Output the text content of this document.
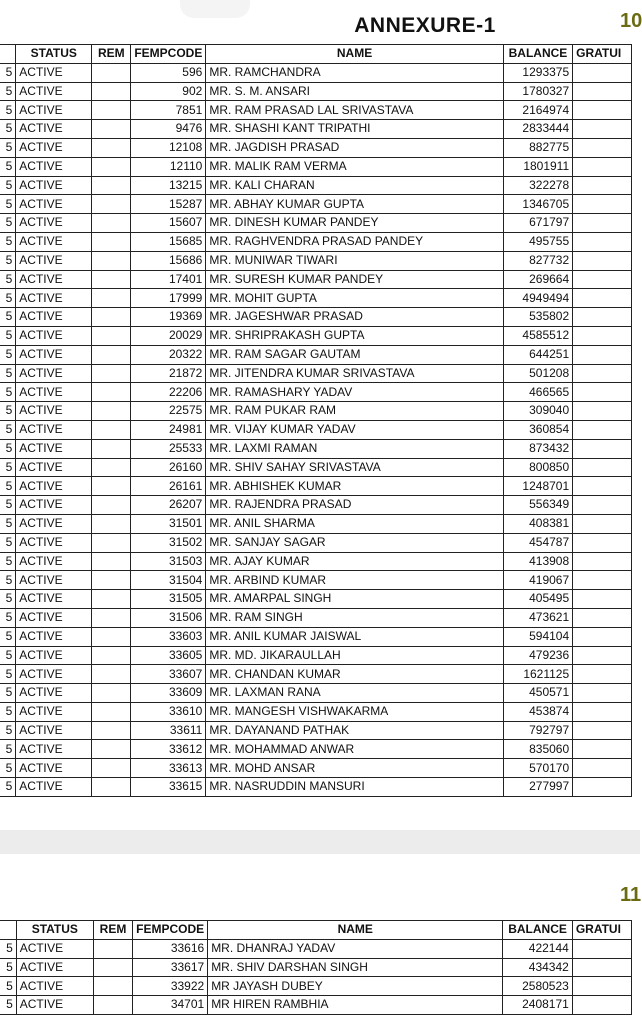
ANNEXURE-1	10
	STATUS	REM	FEMPCODE	NAME	BALANCE	GRATUI
5	ACTIVE		596	MR. RAMCHANDRA	1293375	
5	ACTIVE		902	MR. S. M. ANSARI	1780327	
5	ACTIVE		7851	MR. RAM PRASAD LAL SRIVASTAVA	2164974	
5	ACTIVE		9476	MR. SHASHI KANT TRIPATHI	2833444	
5	ACTIVE		12108	MR. JAGDISH PRASAD	882775	
5	ACTIVE		12110	MR. MALIK RAM VERMA	1801911	
5	ACTIVE		13215	MR. KALI CHARAN	322278	
5	ACTIVE		15287	MR. ABHAY KUMAR GUPTA	1346705	
5	ACTIVE		15607	MR. DINESH KUMAR PANDEY	671797	
5	ACTIVE		15685	MR. RAGHVENDRA PRASAD PANDEY	495755	
5	ACTIVE		15686	MR. MUNIWAR TIWARI	827732	
5	ACTIVE		17401	MR. SURESH KUMAR PANDEY	269664	
5	ACTIVE		17999	MR. MOHIT GUPTA	4949494	
5	ACTIVE		19369	MR. JAGESHWAR PRASAD	535802	
5	ACTIVE		20029	MR. SHRIPRAKASH GUPTA	4585512	
5	ACTIVE		20322	MR. RAM SAGAR GAUTAM	644251	
5	ACTIVE		21872	MR. JITENDRA KUMAR SRIVASTAVA	501208	
5	ACTIVE		22206	MR. RAMASHARY YADAV	466565	
5	ACTIVE		22575	MR. RAM PUKAR RAM	309040	
5	ACTIVE		24981	MR. VIJAY KUMAR YADAV	360854	
5	ACTIVE		25533	MR. LAXMI RAMAN	873432	
5	ACTIVE		26160	MR. SHIV SAHAY SRIVASTAVA	800850	
5	ACTIVE		26161	MR. ABHISHEK KUMAR	1248701	
5	ACTIVE		26207	MR. RAJENDRA PRASAD	556349	
5	ACTIVE		31501	MR. ANIL SHARMA	408381	
5	ACTIVE		31502	MR. SANJAY SAGAR	454787	
5	ACTIVE		31503	MR. AJAY KUMAR	413908	
5	ACTIVE		31504	MR. ARBIND KUMAR	419067	
5	ACTIVE		31505	MR. AMARPAL SINGH	405495	
5	ACTIVE		31506	MR. RAM SINGH	473621	
5	ACTIVE		33603	MR. ANIL KUMAR JAISWAL	594104	
5	ACTIVE		33605	MR. MD. JIKARAULLAH	479236	
5	ACTIVE		33607	MR. CHANDAN KUMAR	1621125	
5	ACTIVE		33609	MR. LAXMAN RANA	450571	
5	ACTIVE		33610	MR. MANGESH VISHWAKARMA	453874	
5	ACTIVE		33611	MR. DAYANAND PATHAK	792797	
5	ACTIVE		33612	MR. MOHAMMAD ANWAR	835060	
5	ACTIVE		33613	MR. MOHD ANSAR	570170	
5	ACTIVE		33615	MR. NASRUDDIN MANSURI	277997	
11
	STATUS	REM	FEMPCODE	NAME	BALANCE	GRATUI
5	ACTIVE		33616	MR. DHANRAJ YADAV	422144	
5	ACTIVE		33617	MR. SHIV DARSHAN SINGH	434342	
5	ACTIVE		33922	MR JAYASH DUBEY	2580523	
5	ACTIVE		34701	MR HIREN RAMBHIA	2408171	
